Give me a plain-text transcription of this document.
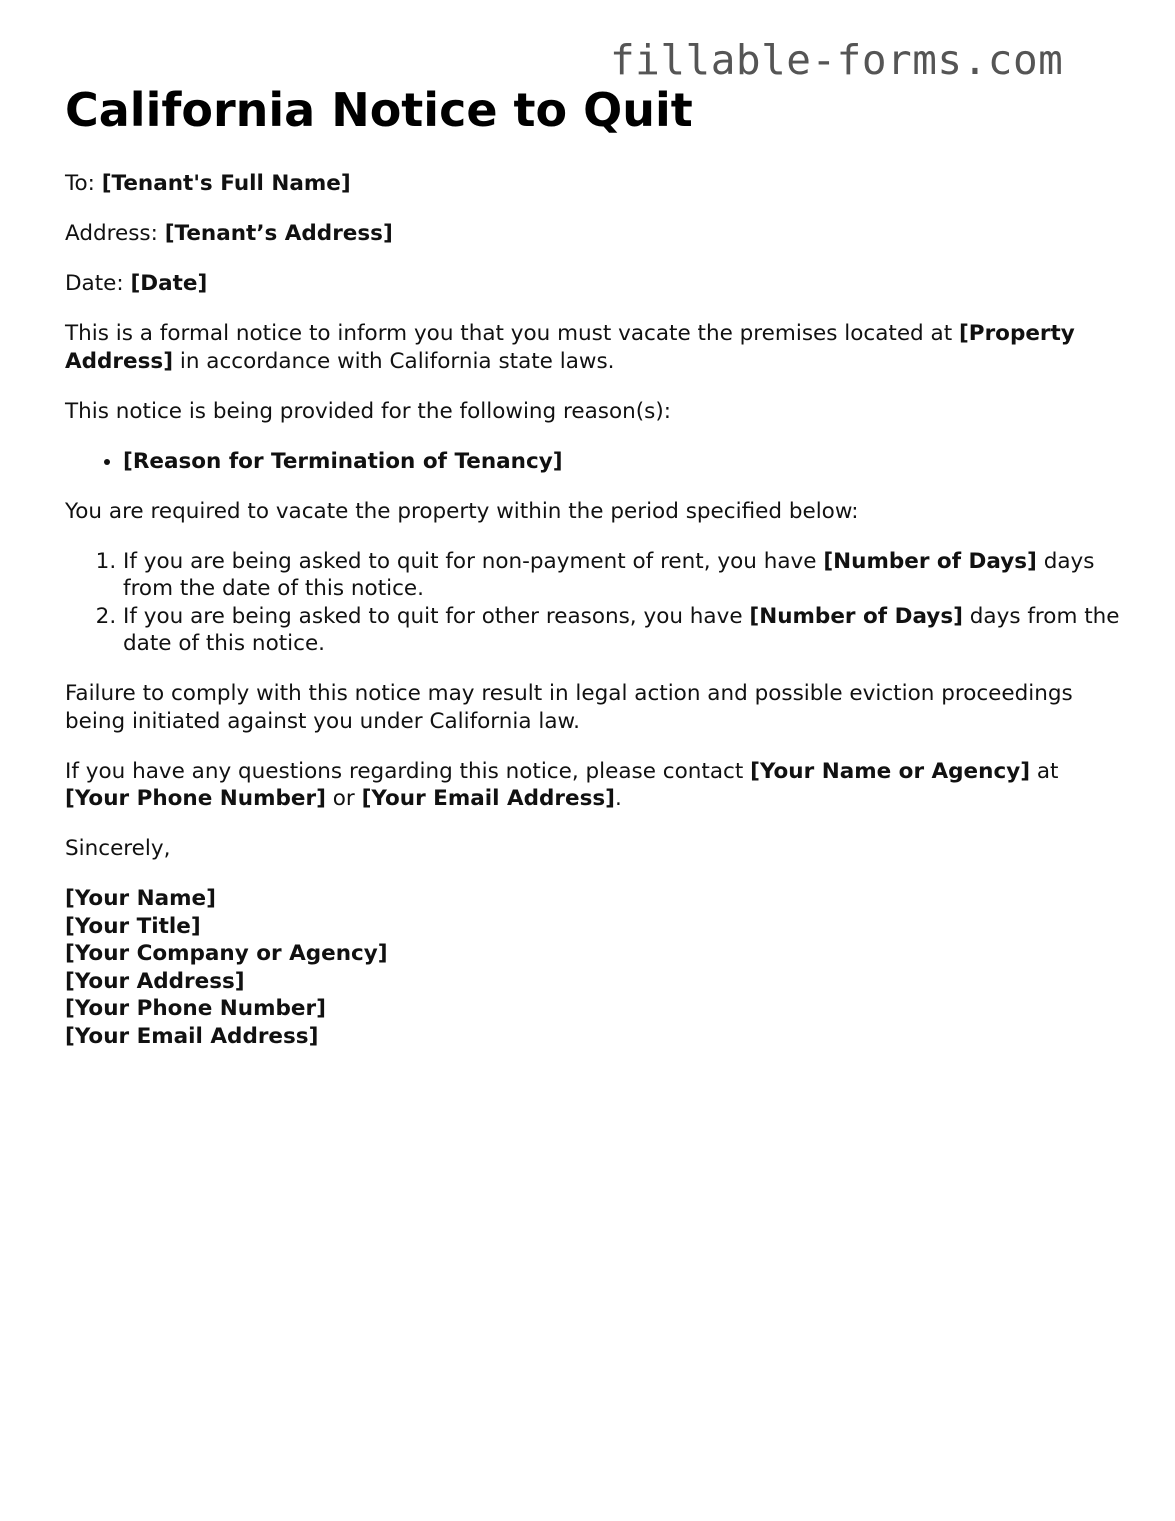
fillable-forms.com
California Notice to Quit

To: [Tenant's Full Name]

Address: [Tenant’s Address]

Date: [Date]

This is a formal notice to inform you that you must vacate the premises located at [Property Address] in accordance with California state laws.

This notice is being provided for the following reason(s):

• [Reason for Termination of Tenancy]

You are required to vacate the property within the period specified below:

1. If you are being asked to quit for non-payment of rent, you have [Number of Days] days from the date of this notice.
2. If you are being asked to quit for other reasons, you have [Number of Days] days from the date of this notice.

Failure to comply with this notice may result in legal action and possible eviction proceedings being initiated against you under California law.

If you have any questions regarding this notice, please contact [Your Name or Agency] at [Your Phone Number] or [Your Email Address].

Sincerely,

[Your Name]
[Your Title]
[Your Company or Agency]
[Your Address]
[Your Phone Number]
[Your Email Address]
